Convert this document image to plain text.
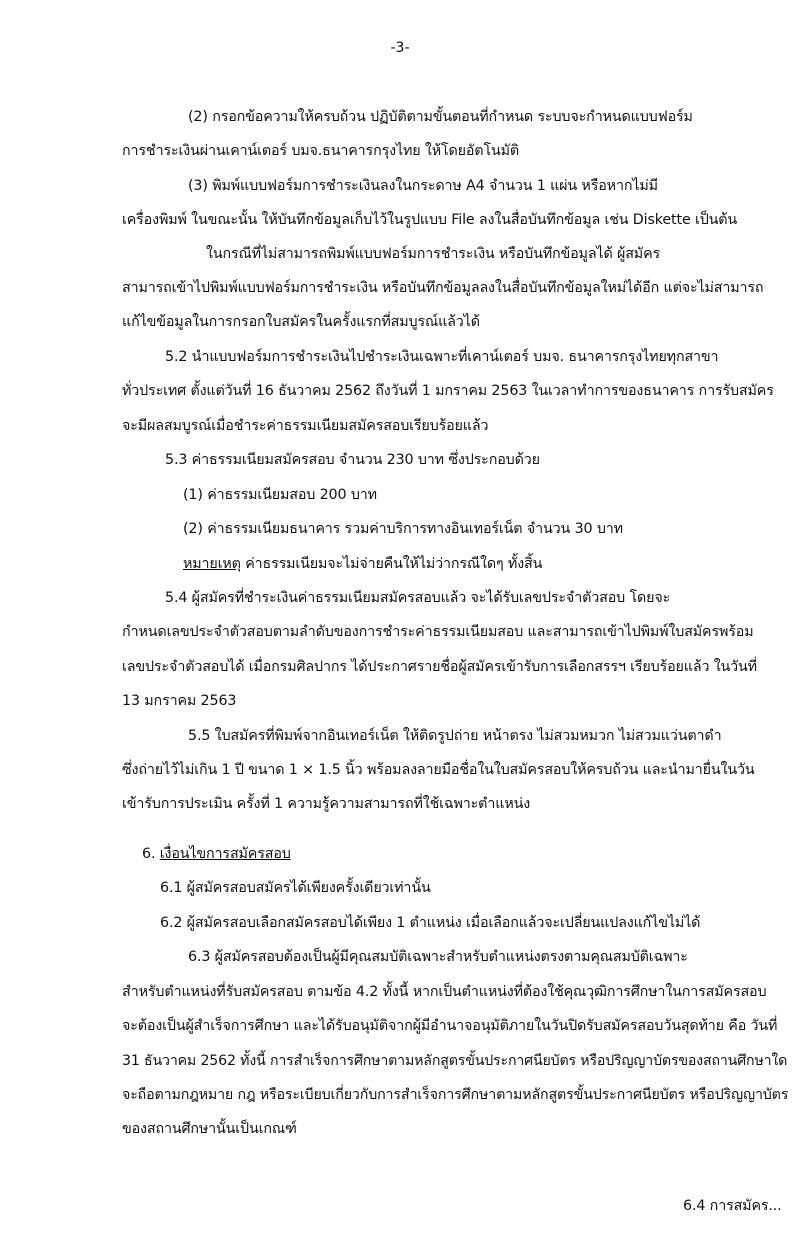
-3-
(2) กรอกข้อความให้ครบถ้วน ปฏิบัติตามขั้นตอนที่กำหนด ระบบจะกำหนดแบบฟอร์ม
การชำระเงินผ่านเคาน์เตอร์ บมจ.ธนาคารกรุงไทย ให้โดยอัตโนมัติ
(3) พิมพ์แบบฟอร์มการชำระเงินลงในกระดาษ A4 จำนวน 1 แผ่น หรือหากไม่มี
เครื่องพิมพ์ ในขณะนั้น ให้บันทึกข้อมูลเก็บไว้ในรูปแบบ File ลงในสื่อบันทึกข้อมูล เช่น Diskette เป็นต้น
ในกรณีที่ไม่สามารถพิมพ์แบบฟอร์มการชำระเงิน หรือบันทึกข้อมูลได้ ผู้สมัคร
สามารถเข้าไปพิมพ์แบบฟอร์มการชำระเงิน หรือบันทึกข้อมูลลงในสื่อบันทึกข้อมูลใหม่ได้อีก แต่จะไม่สามารถ
แก้ไขข้อมูลในการกรอกใบสมัครในครั้งแรกที่สมบูรณ์แล้วได้
5.2 นำแบบฟอร์มการชำระเงินไปชำระเงินเฉพาะที่เคาน์เตอร์ บมจ. ธนาคารกรุงไทยทุกสาขา
ทั่วประเทศ ตั้งแต่วันที่ 16 ธันวาคม 2562 ถึงวันที่ 1 มกราคม 2563 ในเวลาทำการของธนาคาร การรับสมัคร
จะมีผลสมบูรณ์เมื่อชำระค่าธรรมเนียมสมัครสอบเรียบร้อยแล้ว
5.3 ค่าธรรมเนียมสมัครสอบ จำนวน 230 บาท ซึ่งประกอบด้วย
(1) ค่าธรรมเนียมสอบ 200 บาท
(2) ค่าธรรมเนียมธนาคาร รวมค่าบริการทางอินเทอร์เน็ต จำนวน 30 บาท
หมายเหตุ ค่าธรรมเนียมจะไม่จ่ายคืนให้ไม่ว่ากรณีใดๆ ทั้งสิ้น
5.4 ผู้สมัครที่ชำระเงินค่าธรรมเนียมสมัครสอบแล้ว จะได้รับเลขประจำตัวสอบ โดยจะ
กำหนดเลขประจำตัวสอบตามลำดับของการชำระค่าธรรมเนียมสอบ และสามารถเข้าไปพิมพ์ใบสมัครพร้อม
เลขประจำตัวสอบได้ เมื่อกรมศิลปากร ได้ประกาศรายชื่อผู้สมัครเข้ารับการเลือกสรรฯ เรียบร้อยแล้ว ในวันที่
13 มกราคม 2563
5.5 ใบสมัครที่พิมพ์จากอินเทอร์เน็ต ให้ติดรูปถ่าย หน้าตรง ไม่สวมหมวก ไม่สวมแว่นตาดำ
ซึ่งถ่ายไว้ไม่เกิน 1 ปี ขนาด 1 × 1.5 นิ้ว พร้อมลงลายมือชื่อในใบสมัครสอบให้ครบถ้วน และนำมายื่นในวัน
เข้ารับการประเมิน ครั้งที่ 1 ความรู้ความสามารถที่ใช้เฉพาะตำแหน่ง
6. เงื่อนไขการสมัครสอบ
6.1 ผู้สมัครสอบสมัครได้เพียงครั้งเดียวเท่านั้น
6.2 ผู้สมัครสอบเลือกสมัครสอบได้เพียง 1 ตำแหน่ง เมื่อเลือกแล้วจะเปลี่ยนแปลงแก้ไขไม่ได้
6.3 ผู้สมัครสอบต้องเป็นผู้มีคุณสมบัติเฉพาะสำหรับตำแหน่งตรงตามคุณสมบัติเฉพาะ
สำหรับตำแหน่งที่รับสมัครสอบ ตามข้อ 4.2 ทั้งนี้ หากเป็นตำแหน่งที่ต้องใช้คุณวุฒิการศึกษาในการสมัครสอบ
จะต้องเป็นผู้สำเร็จการศึกษา และได้รับอนุมัติจากผู้มีอำนาจอนุมัติภายในวันปิดรับสมัครสอบวันสุดท้าย คือ วันที่
31 ธันวาคม 2562 ทั้งนี้ การสำเร็จการศึกษาตามหลักสูตรขั้นประกาศนียบัตร หรือปริญญาบัตรของสถานศึกษาใด
จะถือตามกฎหมาย กฎ หรือระเบียบเกี่ยวกับการสำเร็จการศึกษาตามหลักสูตรขั้นประกาศนียบัตร หรือปริญญาบัตร
ของสถานศึกษานั้นเป็นเกณฑ์
6.4 การสมัคร...
